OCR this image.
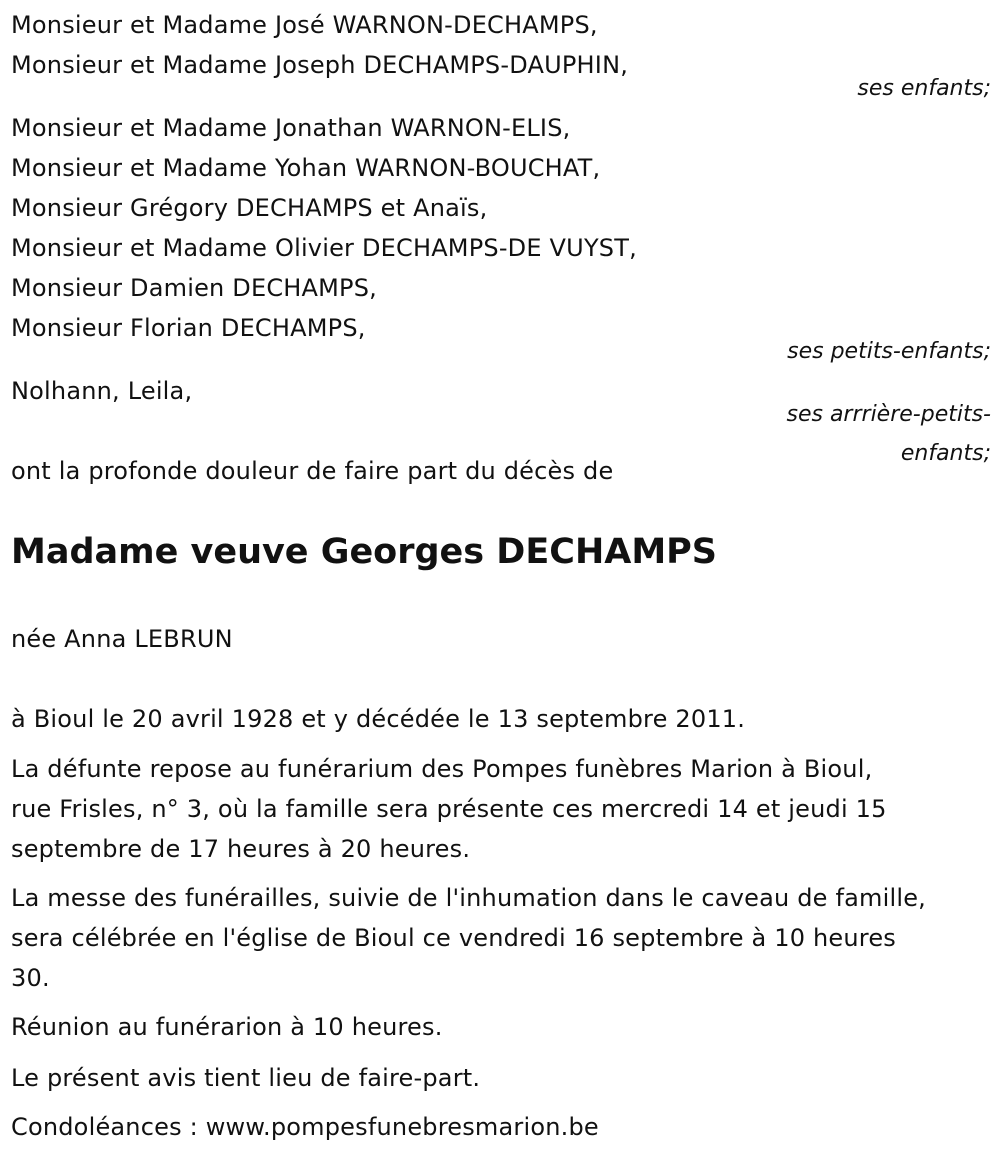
Monsieur et Madame José WARNON-DECHAMPS,
Monsieur et Madame Joseph DECHAMPS-DAUPHIN,
ses enfants;
Monsieur et Madame Jonathan WARNON-ELIS,
Monsieur et Madame Yohan WARNON-BOUCHAT,
Monsieur Grégory DECHAMPS et Anaïs,
Monsieur et Madame Olivier DECHAMPS-DE VUYST,
Monsieur Damien DECHAMPS,
Monsieur Florian DECHAMPS,
ses petits-enfants;
Nolhann, Leila,
ses arrrière-petits-
enfants;
ont la profonde douleur de faire part du décès de
Madame veuve Georges DECHAMPS
née Anna LEBRUN
à Bioul le 20 avril 1928 et y décédée le 13 septembre 2011.
La défunte repose au funérarium des Pompes funèbres Marion à Bioul,
rue Frisles, n° 3, où la famille sera présente ces mercredi 14 et jeudi 15
septembre de 17 heures à 20 heures.
La messe des funérailles, suivie de l'inhumation dans le caveau de famille,
sera célébrée en l'église de Bioul ce vendredi 16 septembre à 10 heures
30.
Réunion au funérarion à 10 heures.
Le présent avis tient lieu de faire-part.
Condoléances : www.pompesfunebresmarion.be
